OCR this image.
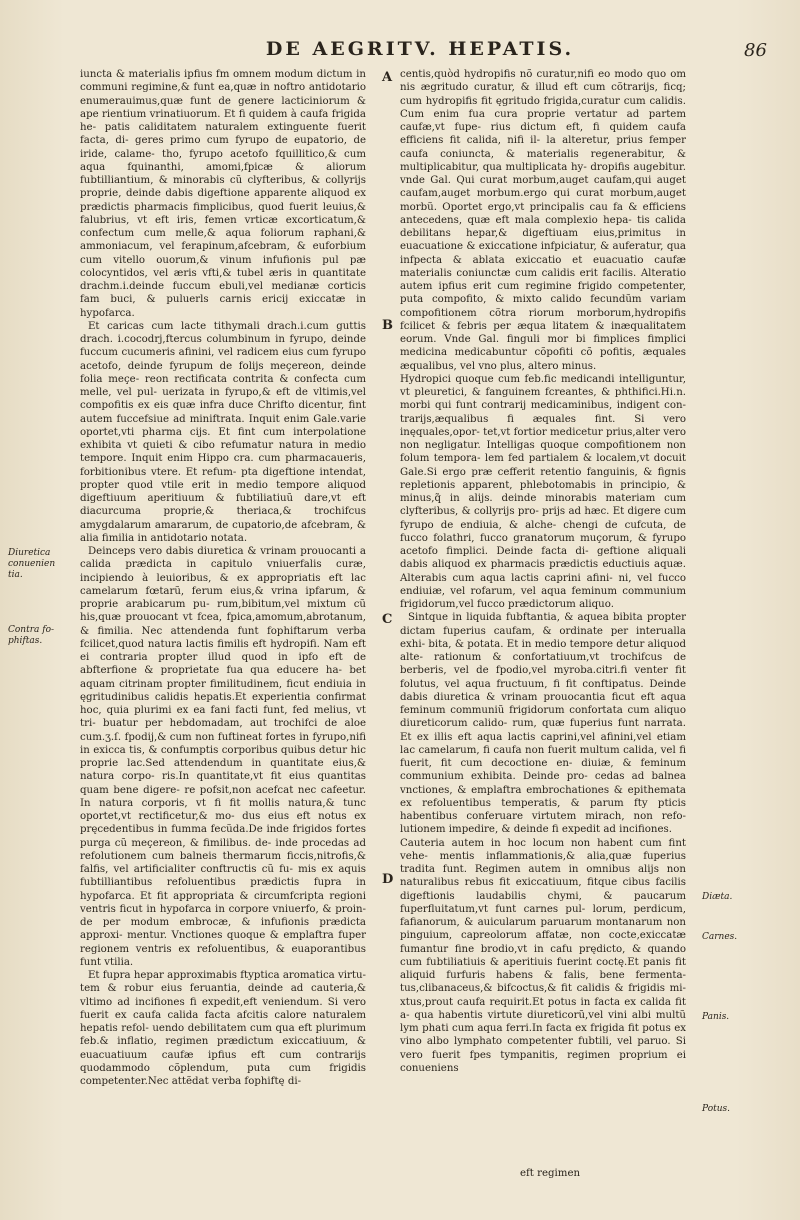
DE AEGRITV. HEPATIS.	86

iuncta & materialis ipfius fm omnem modum dictum in communi regimine,& funt ea,quæ in noftro antidotario enumerauimus,quæ funt de genere lacticiniorum & ape rientium vrinatiuorum. Et fi quidem à caufa frigida he- patis caliditatem naturalem extinguente fuerit facta, di- geres primo cum fyrupo de eupatorio, de iride, calame- tho, fyrupo acetofo fquillitico,& cum aqua fquinanthi, amomi,fpicæ & aliorum fubtilliantium, & minorabis cũ clyfteribus, & collyrijs proprie, deinde dabis digeftione apparente aliquod ex prædictis pharmacis fimplicibus, quod fuerit leuius,& falubrius, vt eft iris, femen vrticæ excorticatum,& confectum cum melle,& aqua foliorum raphani,& ammoniacum, vel ferapinum,afcebram, & euforbium cum vitello ouorum,& vinum infufionis pul pæ colocyntidos, vel æris vfti,& tubel æris in quantitate drachm.i.deinde fuccum ebuli,vel medianæ corticis fam buci, & puluerls carnis ericij exiccatæ in hypofarca.

Et caricas cum lacte tithymali drach.i.cum guttis drach. i.cocodrj,ftercus columbinum in fyrupo, deinde fuccum cucumeris afinini, vel radicem eius cum fyrupo acetofo, deinde fyrupum de folijs meçereon, deinde folia meçe- reon rectificata contrita & confecta cum melle, vel pul- uerizata in fyrupo,& eft de vltimis,vel compofitis ex eis quæ infra duce Chrifto dicentur, fint autem fuccefsiue ad miniftrata. Inquit enim Gale.varie oportet,vti pharma cijs. Et fint cum interpolatione exhibita vt quieti & cibo refumatur natura in medio tempore. Inquit enim Hippo cra. cum pharmacaueris, forbitionibus vtere. Et refum- pta digeftione intendat, propter quod vtile erit in medio tempore aliquod digeftiuum aperitiuum & fubtiliatiuũ dare,vt eft diacurcuma proprie,& theriaca,& trochifcus amygdalarum amararum, de cupatorio,de afcebram, & alia fimilia in antidotario notata.

Deinceps vero dabis diuretica & vrinam prouocanti a calida prædicta in capitulo vniuerfalis curæ, incipiendo à leuioribus, & ex appropriatis eft lac camelarum fœtarũ, ferum eius,& vrina ipfarum, & proprie arabicarum pu- rum,bibitum,vel mixtum cũ his,quæ prouocant vt fcea, fpica,amomum,abrotanum, & fimilia. Nec attendenda funt fophiftarum verba fcilicet,quod natura lactis fimilis eft hydropifi. Nam eft ei contraria propter illud quod in ipfo eft de abfterfione & proprietate fua qua educere ha- bet aquam citrinam propter fimilitudinem, ficut endiuia in ęgritudinibus calidis hepatis.Et experientia confirmat hoc, quia plurimi ex ea fani facti funt, fed melius, vt tri- buatur per hebdomadam, aut trochifci de aloe cum.ʒ.ſ. fpodij,& cum non fuftineat fortes in fyrupo,nifi in exicca tis, & confumptis corporibus quibus detur hic proprie lac.Sed attendendum in quantitate eius,& natura corpo- ris.In quantitate,vt fit eius quantitas quam bene digere- re pofsit,non acefcat nec cafeetur. In natura corporis, vt fi fit mollis natura,& tunc oportet,vt rectificetur,& mo- dus eius eft notus ex pręcedentibus in fumma fecũda.De inde frigidos fortes purga cũ meçereon, & fimilibus. de- inde procedas ad refolutionem cum balneis thermarum ficcis,nitrofis,& falfis, vel artificialiter conftructis cũ fu- mis ex aquis fubtilliantibus refoluentibus prædictis fupra in hypofarca. Et fit appropriata & circumfcripta regioni ventris ficut in hypofarca in corpore vniuerfo, & proin- de per modum embrocæ, & infufionis prædicta approxi- mentur. Vnctiones quoque & emplaftra fuper regionem ventris ex refoluentibus, & euaporantibus funt vtilia.

Et fupra hepar approximabis ftyptica aromatica virtu- tem & robur eius feruantia, deinde ad cauteria,& vltimo ad incifiones fi expedit,eft veniendum. Si vero fuerit ex caufa calida facta afcitis calore naturalem hepatis refol- uendo debilitatem cum qua eft plurimum feb.& inflatio, regimen prædictum exiccatiuum, & euacuatiuum caufæ ipfius eft cum contrarijs quodammodo cõplendum, puta cum frigidis competenter.Nec attẽdat verba fophiftę di-

centis,quòd hydropifis nõ curatur,nifi eo modo quo om nis ægritudo curatur, & illud eft cum cõtrarijs, ficq; cum hydropifis fit ęgritudo frigida,curatur cum calidis. Cum enim fua cura proprie vertatur ad partem caufæ,vt fupe- rius dictum eft, fi quidem caufa efficiens fit calida, nifi il- la alteretur, prius femper caufa coniuncta, & materialis regenerabitur, & multiplicabitur, qua multiplicata hy- dropifis augebitur. vnde Gal. Qui curat morbum,auget caufam,qui auget caufam,auget morbum.ergo qui curat morbum,auget morbũ. Oportet ergo,vt principalis cau fa & efficiens antecedens, quæ eft mala complexio hepa- tis calida debilitans hepar,& digeftiuam eius,primitus in euacuatione & exiccatione infpiciatur, & auferatur, qua infpecta & ablata exiccatio et euacuatio caufæ materialis coniunctæ cum calidis erit facilis. Alteratio autem ipfius erit cum regimine frigido competenter, puta compofito, & mixto calido fecundũm variam compofitionem cõtra riorum morborum,hydropifis fcilicet & febris per æqua litatem & inæqualitatem eorum. Vnde Gal. finguli mor bi fimplices fimplici medicina medicabuntur cõpofiti cõ pofitis, æquales æqualibus, vel vno plus, altero minus.

Hydropici quoque cum feb.fic medicandi intelliguntur, vt pleuretici, & fanguinem fcreantes, & phthifici.Hi.n. morbi qui funt contrarij medicaminibus, indigent con- trarijs,æqualibus fi æquales fint. Si vero inęquales,opor- tet,vt fortior medicetur prius,alter vero non negligatur. Intelligas quoque compofitionem non folum tempora- lem fed partialem & localem,vt docuit Gale.Si ergo præ cefferit retentio fanguinis, & fignis repletionis apparent, phlebotomabis in principio, & minus,q̃ in alijs. deinde minorabis materiam cum clyfteribus, & collyrijs pro- prijs ad hæc. Et digere cum fyrupo de endiuia, & alche- chengi de cufcuta, de fucco folathri, fucco granatorum muçorum, & fyrupo acetofo fimplici. Deinde facta di- geftione aliquali dabis aliquod ex pharmacis prædictis eductiuis aquæ. Alterabis cum aqua lactis caprini afini- ni, vel fucco endiuiæ, vel rofarum, vel aqua feminum communium frigidorum,vel fucco prædictorum aliquo.

Sintque in liquida fubftantia, & aquea bibita propter dictam fuperius caufam, & ordinate per interualla exhi- bita, & potata. Et in medio tempore detur aliquod alte- rationum & confortatiuum,vt trochifcus de berberis, vel de fpodio,vel myroba.citri.fi venter fit folutus, vel aqua fructuum, fi fit conftipatus. Deinde dabis diuretica & vrinam prouocantia ficut eft aqua feminum communiũ frigidorum confortata cum aliquo diureticorum calido- rum, quæ fuperius funt narrata. Et ex illis eft aqua lactis caprini,vel afinini,vel etiam lac camelarum, fi caufa non fuerit multum calida, vel fi fuerit, fit cum decoctione en- diuiæ, & feminum communium exhibita. Deinde pro- cedas ad balnea vnctiones, & emplaftra embrochationes & epithemata ex refoluentibus temperatis, & parum fty pticis habentibus conferuare virtutem mirach, non refo- lutionem impedire, & deinde fi expedit ad incifiones.

Cauteria autem in hoc locum non habent cum fint vehe- mentis inflammationis,& alia,quæ fuperius tradita funt. Regimen autem in omnibus alijs non naturalibus rebus fit exiccatiuum, fitque cibus facilis digeftionis laudabilis chymi, & paucarum fuperfluitatum,vt funt carnes pul- lorum, perdicum, fafianorum, & auicularum paruarum montanarum non pinguium, capreolorum affatæ, non cocte,exiccatæ fumantur fine brodio,vt in cafu prędicto, & quando cum fubtiliatiuis & aperitiuis fuerint coctę.Et panis fit aliquid furfuris habens & falis, bene fermenta- tus,clibanaceus,& bifcoctus,& fit calidis & frigidis mi- xtus,prout caufa requirit.Et potus in facta ex calida fit a- qua habentis virtute diureticorũ,vel vini albi multũ lym phati cum aqua ferri.In facta ex frigida fit potus ex vino albo lymphato competenter fubtili, vel paruo. Si vero fuerit fpes tympanitis, regimen proprium ei conueniens

eft regimen
A
B
C
D
Diuretica conuenien tia.
Contra fo- phiftas.
Diæta.
Carnes.
Panis.
Potus.
